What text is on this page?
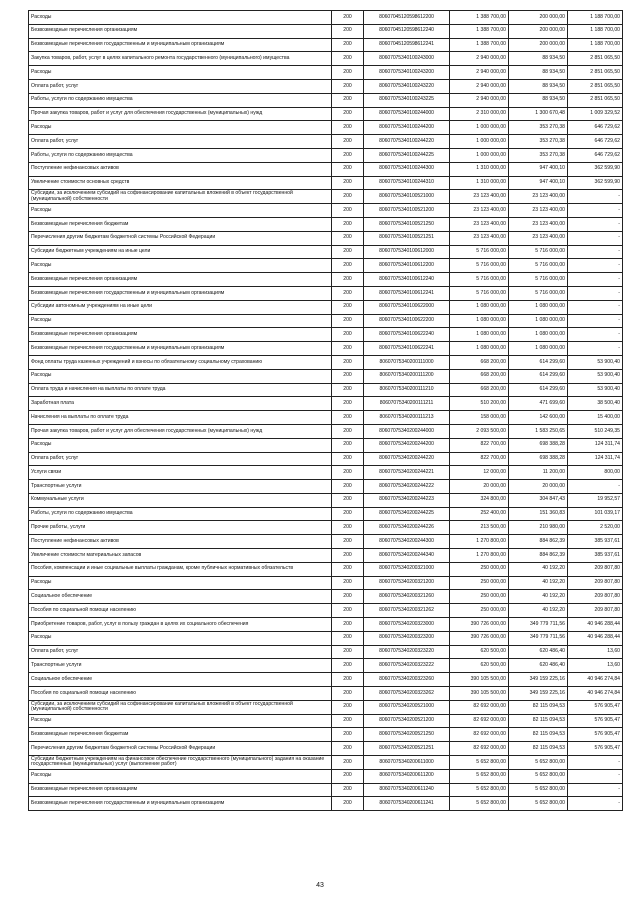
Расходы	200	80607045120598612200	1 388 700,00	200 000,00	1 188 700,00
Безвозмездные перечисления организациям	200	80607045120598612240	1 388 700,00	200 000,00	1 188 700,00
Безвозмездные перечисления государственным и муниципальным организациям	200	80607045120598612241	1 388 700,00	200 000,00	1 188 700,00
Закупка товаров, работ, услуг в целях капитального ремонта государственного (муниципального) имущества	200	80607075340100243000	2 940 000,00	88 934,50	2 851 065,50
Расходы	200	80607075340100243200	2 940 000,00	88 934,50	2 851 065,50
Оплата работ, услуг	200	80607075340100243220	2 940 000,00	88 934,50	2 851 065,50
Работы, услуги по содержанию имущества	200	80607075340100243225	2 940 000,00	88 934,50	2 851 065,50
Прочая закупка товаров, работ и услуг для обеспечения государственных (муниципальных) нужд	200	80607075340100244000	2 310 000,00	1 300 670,48	1 009 329,52
Расходы	200	80607075340100244200	1 000 000,00	353 270,38	646 729,62
Оплата работ, услуг	200	80607075340100244220	1 000 000,00	353 270,38	646 729,62
Работы, услуги по содержанию имущества	200	80607075340100244225	1 000 000,00	353 270,38	646 729,62
Поступление нефинансовых активов	200	80607075340100244300	1 310 000,00	947 400,10	362 599,90
Увеличение стоимости основных средств	200	80607075340100244310	1 310 000,00	947 400,10	362 599,90
Субсидии, за исключением субсидий на софинансирование капитальных вложений в объект государственной (муниципальной) собственности	200	80607075340100521000	23 123 400,00	23 123 400,00	-
Расходы	200	80607075340100521200	23 123 400,00	23 123 400,00	-
Безвозмездные перечисления бюджетам	200	80607075340100521250	23 123 400,00	23 123 400,00	-
Перечисления другим бюджетам бюджетной системы Российской Федерации	200	80607075340100521251	23 123 400,00	23 123 400,00	-
Субсидии бюджетным учреждениям на иные цели	200	80607075340100612000	5 716 000,00	5 716 000,00	-
Расходы	200	80607075340100612200	5 716 000,00	5 716 000,00	-
Безвозмездные перечисления организациям	200	80607075340100612240	5 716 000,00	5 716 000,00	-
Безвозмездные перечисления государственным и муниципальным организациям	200	80607075340100612241	5 716 000,00	5 716 000,00	-
Субсидии автономным учреждениям на иные цели	200	80607075340100622000	1 080 000,00	1 080 000,00	-
Расходы	200	80607075340100622200	1 080 000,00	1 080 000,00	-
Безвозмездные перечисления организациям	200	80607075340100622240	1 080 000,00	1 080 000,00	-
Безвозмездные перечисления государственным и муниципальным организациям	200	80607075340100622241	1 080 000,00	1 080 000,00	-
Фонд оплаты труда казенных учреждений и взносы по обязательному социальному страхованию	200	80607075340200111000	668 200,00	614 299,60	53 900,40
Расходы	200	80607075340200111200	668 200,00	614 299,60	53 900,40
Оплата труда и начисления на выплаты по оплате труда	200	80607075340200111210	668 200,00	614 299,60	53 900,40
Заработная плата	200	80607075340200111211	510 200,00	471 699,60	38 500,40
Начисления на выплаты по оплате труда	200	80607075340200111213	158 000,00	142 600,00	15 400,00
Прочая закупка товаров, работ и услуг для обеспечения государственных (муниципальных) нужд	200	80607075340200244000	2 093 500,00	1 583 250,65	510 249,35
Расходы	200	80607075340200244200	822 700,00	698 388,28	124 311,74
Оплата работ, услуг	200	80607075340200244220	822 700,00	698 388,28	124 311,74
Услуги связи	200	80607075340200244221	12 000,00	11 200,00	800,00
Транспортные услуги	200	80607075340200244222	20 000,00	20 000,00	-
Коммунальные услуги	200	80607075340200244223	324 800,00	304 847,43	19 952,57
Работы, услуги по содержанию имущества	200	80607075340200244225	252 400,00	151 360,83	101 039,17
Прочие работы, услуги	200	80607075340200244226	213 500,00	210 980,00	2 520,00
Поступление нефинансовых активов	200	80607075340200244300	1 270 800,00	884 862,39	385 937,61
Увеличение стоимости материальных запасов	200	80607075340200244340	1 270 800,00	884 862,39	385 937,61
Пособия, компенсации и иные социальные выплаты гражданам, кроме публичных нормативных обязательств	200	80607075340200321000	250 000,00	40 192,20	209 807,80
Расходы	200	80607075340200321200	250 000,00	40 192,20	209 807,80
Социальное обеспечение	200	80607075340200321260	250 000,00	40 192,20	209 807,80
Пособия по социальной помощи населению	200	80607075340200321262	250 000,00	40 192,20	209 807,80
Приобретение товаров, работ, услуг в пользу граждан в целях их социального обеспечения	200	80607075340200323000	390 726 000,00	349 779 711,56	40 946 288,44
Расходы	200	80607075340200323200	390 726 000,00	349 779 711,56	40 946 288,44
Оплата работ, услуг	200	80607075340200323220	620 500,00	620 486,40	13,60
Транспортные услуги	200	80607075340200323222	620 500,00	620 486,40	13,60
Социальное обеспечение	200	80607075340200323260	390 105 500,00	349 159 225,16	40 946 274,84
Пособия по социальной помощи населению	200	80607075340200323262	390 105 500,00	349 159 225,16	40 946 274,84
Субсидии, за исключением субсидий на софинансирование капитальных вложений в объект государственной (муниципальной) собственности	200	80607075340200521000	82 692 000,00	82 115 094,53	576 905,47
Расходы	200	80607075340200521200	82 692 000,00	82 115 094,53	576 905,47
Безвозмездные перечисления бюджетам	200	80607075340200521250	82 692 000,00	82 115 094,53	576 905,47
Перечисления другим бюджетам бюджетной системы Российской Федерации	200	80607075340200521251	82 692 000,00	82 115 094,53	576 905,47
Субсидии бюджетным учреждениям на финансовое обеспечение государственного (муниципального) задания на оказание государственных (муниципальных) услуг (выполнение работ)	200	80607075340200611000	5 652 800,00	5 652 800,00	-
Расходы	200	80607075340200611200	5 652 800,00	5 652 800,00	-
Безвозмездные перечисления организациям	200	80607075340200611240	5 652 800,00	5 652 800,00	-
Безвозмездные перечисления государственным и муниципальным организациям	200	80607075340200611241	5 652 800,00	5 652 800,00	-
43
